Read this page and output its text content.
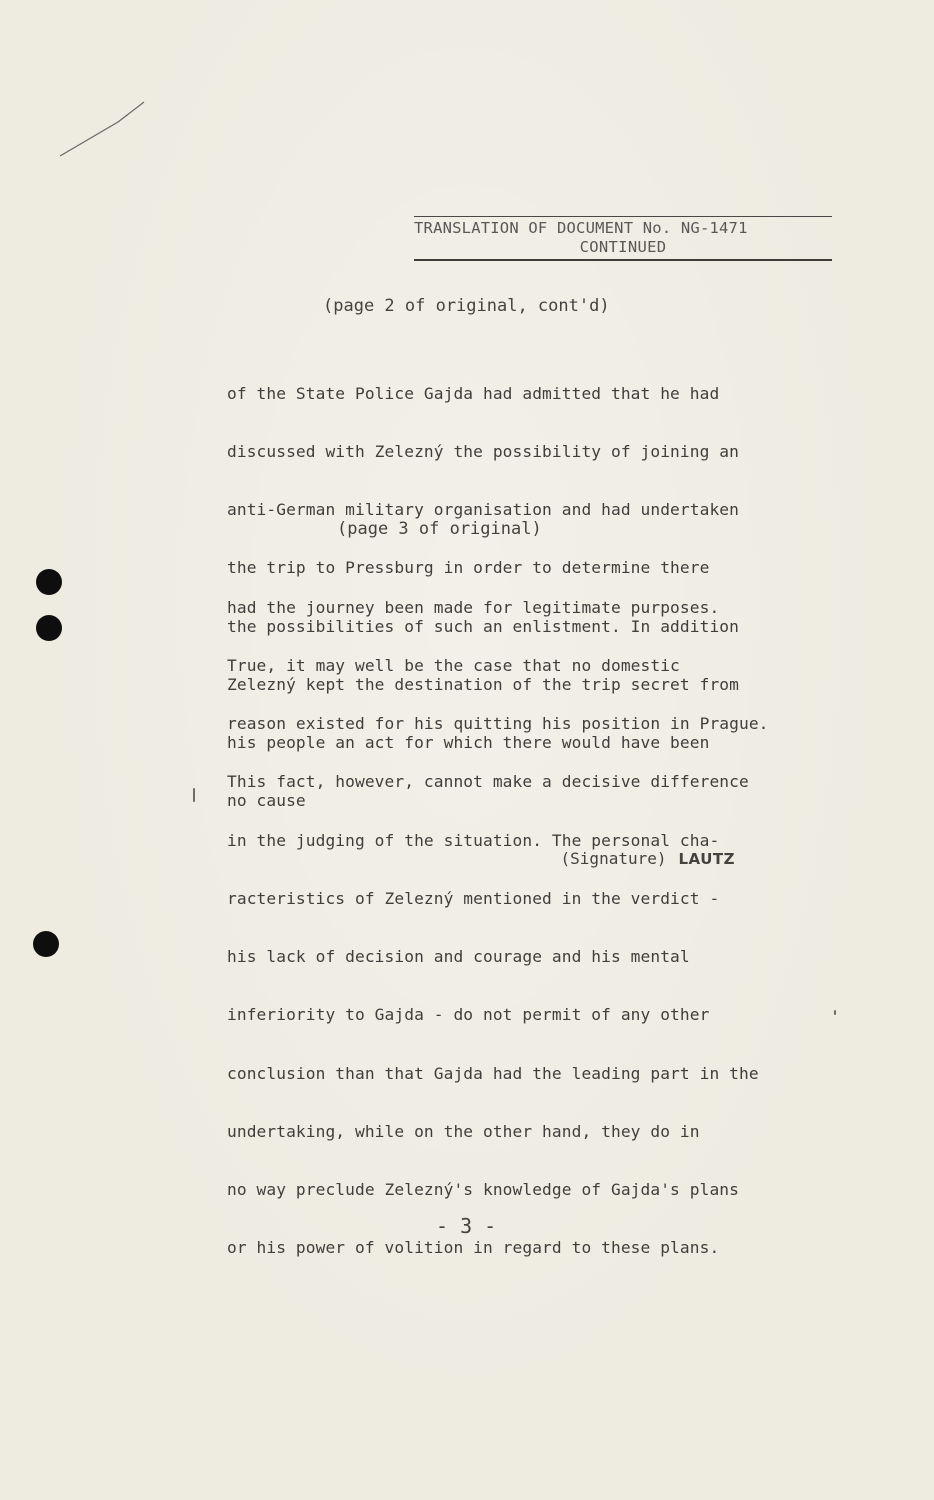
TRANSLATION OF DOCUMENT No. NG-1471
CONTINUED
(page 2 of original, cont'd)

of the State Police Gajda had admitted that he had

discussed with Zelezný the possibility of joining an

anti-German military organisation and had undertaken

the trip to Pressburg in order to determine there

the possibilities of such an enlistment. In addition

Zelezný kept the destination of the trip secret from

his people an act for which there would have been

no cause

(page 3 of original)

had the journey been made for legitimate purposes.

True, it may well be the case that no domestic

reason existed for his quitting his position in Prague.

This fact, however, cannot make a decisive difference

in the judging of the situation. The personal cha-

racteristics of Zelezný mentioned in the verdict -

his lack of decision and courage and his mental

inferiority to Gajda - do not permit of any other

conclusion than that Gajda had the leading part in the

undertaking, while on the other hand, they do in

no way preclude Zelezný's knowledge of Gajda's plans

or his power of volition in regard to these plans.

(Signature) LAUTZ

- 3 -
